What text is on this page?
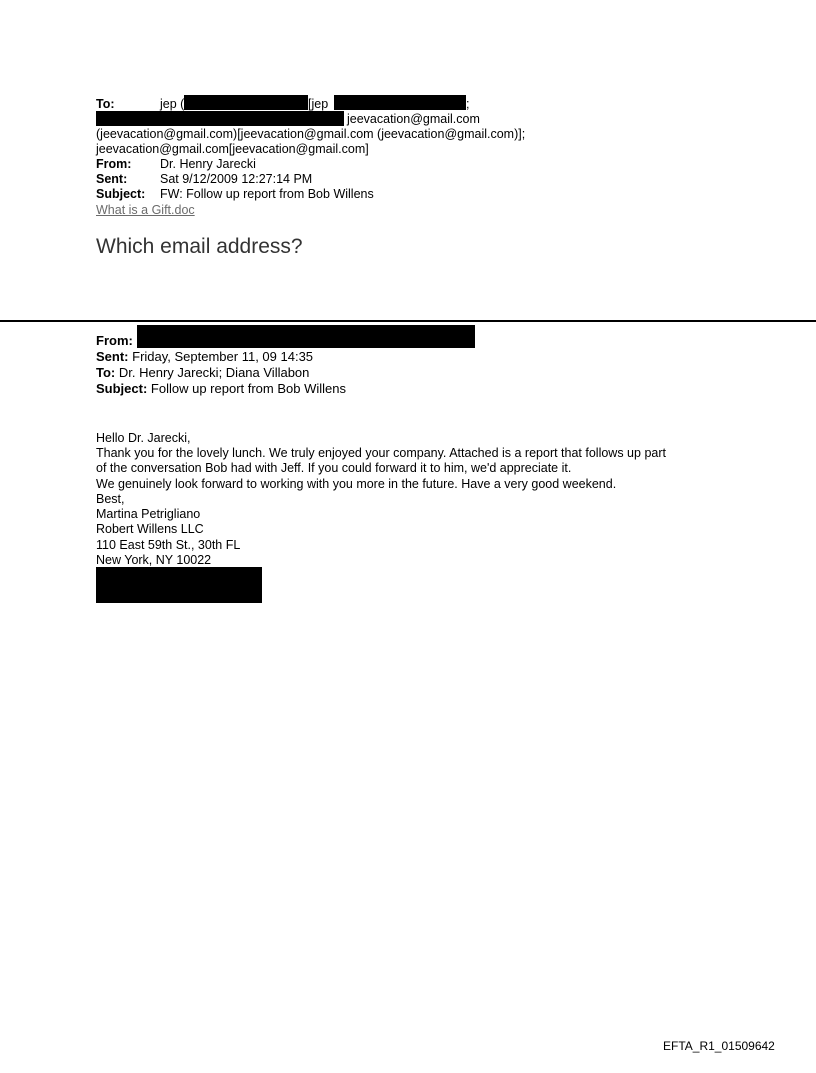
To:	jep (	[jep	;
jeevacation@gmail.com
(jeevacation@gmail.com)[jeevacation@gmail.com (jeevacation@gmail.com)];
jeevacation@gmail.com[jeevacation@gmail.com]
From: Dr. Henry Jarecki
Sent:	Sat 9/12/2009 12:27:14 PM
Subject: FW: Follow up report from Bob Willens
What is a Gift.doc
Which email address?
From:
Sent: Friday, September 11, 09 14:35
To: Dr. Henry Jarecki; Diana Villabon
Subject: Follow up report from Bob Willens
Hello Dr. Jarecki,
Thank you for the lovely lunch. We truly enjoyed your company. Attached is a report that follows up part
of the conversation Bob had with Jeff. If you could forward it to him, we'd appreciate it.
We genuinely look forward to working with you more in the future. Have a very good weekend.
Best,
Martina Petrigliano
Robert Willens LLC
110 East 59th St., 30th FL
New York, NY 10022
EFTA_R1_01509642
